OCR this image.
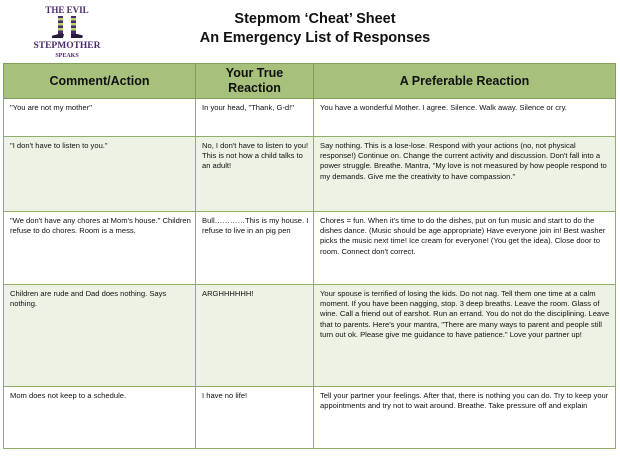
THE EVIL
STEPMOTHER
SPEAKS
Stepmom ‘Cheat’ Sheet
An Emergency List of Responses
Comment/Action	Your True Reaction	A Preferable Reaction
"You are not my mother"	In your head, "Thank, G-d!"	You have a wonderful Mother. I agree. Silence. Walk away. Silence or cry.
"I don't have to listen to you."	No, I don't have to listen to you! This is not how a child talks to an adult!	Say nothing. This is a lose-lose. Respond with your actions (no, not physical response!) Continue on. Change the current activity and discussion. Don't fall into a power struggle. Breathe. Mantra, "My love is not measured by how people respond to my demands. Give me the creativity to have compassion."
"We don't have any chores at Mom's house." Children refuse to do chores. Room is a mess.	Bull…………This is my house. I refuse to live in an pig pen	Chores = fun. When it's time to do the dishes, put on fun music and start to do the dishes dance. (Music should be age appropriate) Have everyone join in! Best washer picks the music next time! Ice cream for everyone! (You get the idea). Close door to room. Connect don't correct.
Children are rude and Dad does nothing. Says nothing.	ARGHHHHHH!	Your spouse is terrified of losing the kids. Do not nag. Tell them one time at a calm moment. If you have been nagging, stop. 3 deep breaths. Leave the room. Glass of wine. Call a friend out of earshot. Run an errand. You do not do the disciplining. Leave that to parents. Here's your mantra, "There are many ways to parent and people still turn out ok. Please give me guidance to have patience." Love your partner up!
Mom does not keep to a schedule.	I have no life!	Tell your partner your feelings. After that, there is nothing you can do. Try to keep your appointments and try not to wait around. Breathe. Take pressure off and explain
